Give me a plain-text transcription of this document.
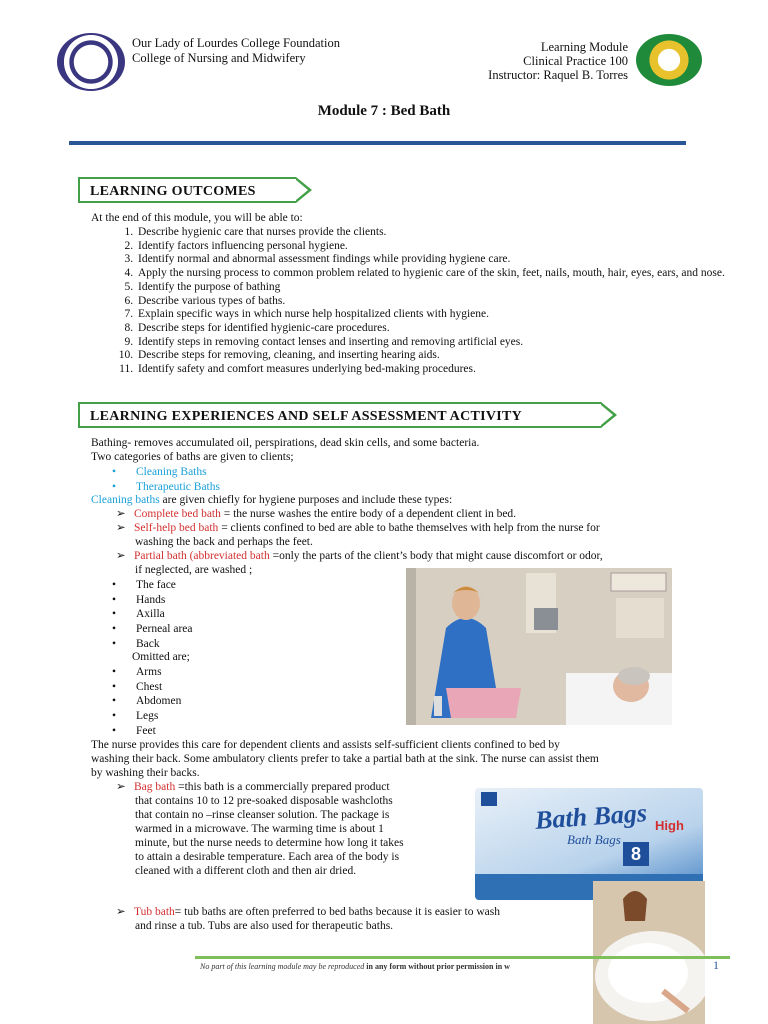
Our Lady of Lourdes College Foundation
College of Nursing and Midwifery
Learning Module
Clinical Practice 100
Instructor: Raquel B. Torres
Module 7 : Bed Bath
LEARNING OUTCOMES
At the end of this module, you will be able to:
1. Describe hygienic care that nurses provide the clients.
2. Identify factors influencing personal hygiene.
3. Identify normal and abnormal assessment findings while providing hygiene care.
4. Apply the nursing process to common problem related to hygienic care of the skin, feet, nails, mouth, hair, eyes, ears, and nose.
5. Identify the purpose of bathing
6. Describe various types of baths.
7. Explain specific ways in which nurse help hospitalized clients with hygiene.
8. Describe steps for identified hygienic-care procedures.
9. Identify steps in removing contact lenses and inserting and removing artificial eyes.
10. Describe steps for removing, cleaning, and inserting hearing aids.
11. Identify safety and comfort measures underlying bed-making procedures.
LEARNING EXPERIENCES AND SELF ASSESSMENT ACTIVITY
Bathing- removes accumulated oil, perspirations, dead skin cells, and some bacteria.
Two categories of baths are given to clients;
• Cleaning Baths
• Therapeutic Baths
Cleaning baths are given chiefly for hygiene purposes and include these types:
➢ Complete bed bath = the nurse washes the entire body of a dependent client in bed.
➢ Self-help bed bath = clients confined to bed are able to bathe themselves with help from the nurse for
washing the back and perhaps the feet.
➢ Partial bath (abbreviated bath =only the parts of the client’s body that might cause discomfort or odor,
if neglected, are washed ;
• The face
• Hands
• Axilla
• Perneal area
• Back
Omitted are;
• Arms
• Chest
• Abdomen
• Legs
• Feet
The nurse provides this care for dependent clients and assists self-sufficient clients confined to bed by
washing their back. Some ambulatory clients prefer to take a partial bath at the sink. The nurse can assist them
by washing their backs.
➢ Bag bath =this bath is a commercially prepared product
that contains 10 to 12 pre-soaked disposable washcloths
that contain no –rinse cleanser solution. The package is
warmed in a microwave. The warming time is about 1
minute, but the nurse needs to determine how long it takes
to attain a desirable temperature. Each area of the body is
cleaned with a different cloth and then air dried.
Bath Bags
Bath Bags
High
8
➢ Tub bath= tub baths are often preferred to bed baths because it is easier to wash
and rinse a tub. Tubs are also used for therapeutic baths.
No part of this learning module may be reproduced in any form without prior permission in w	1
